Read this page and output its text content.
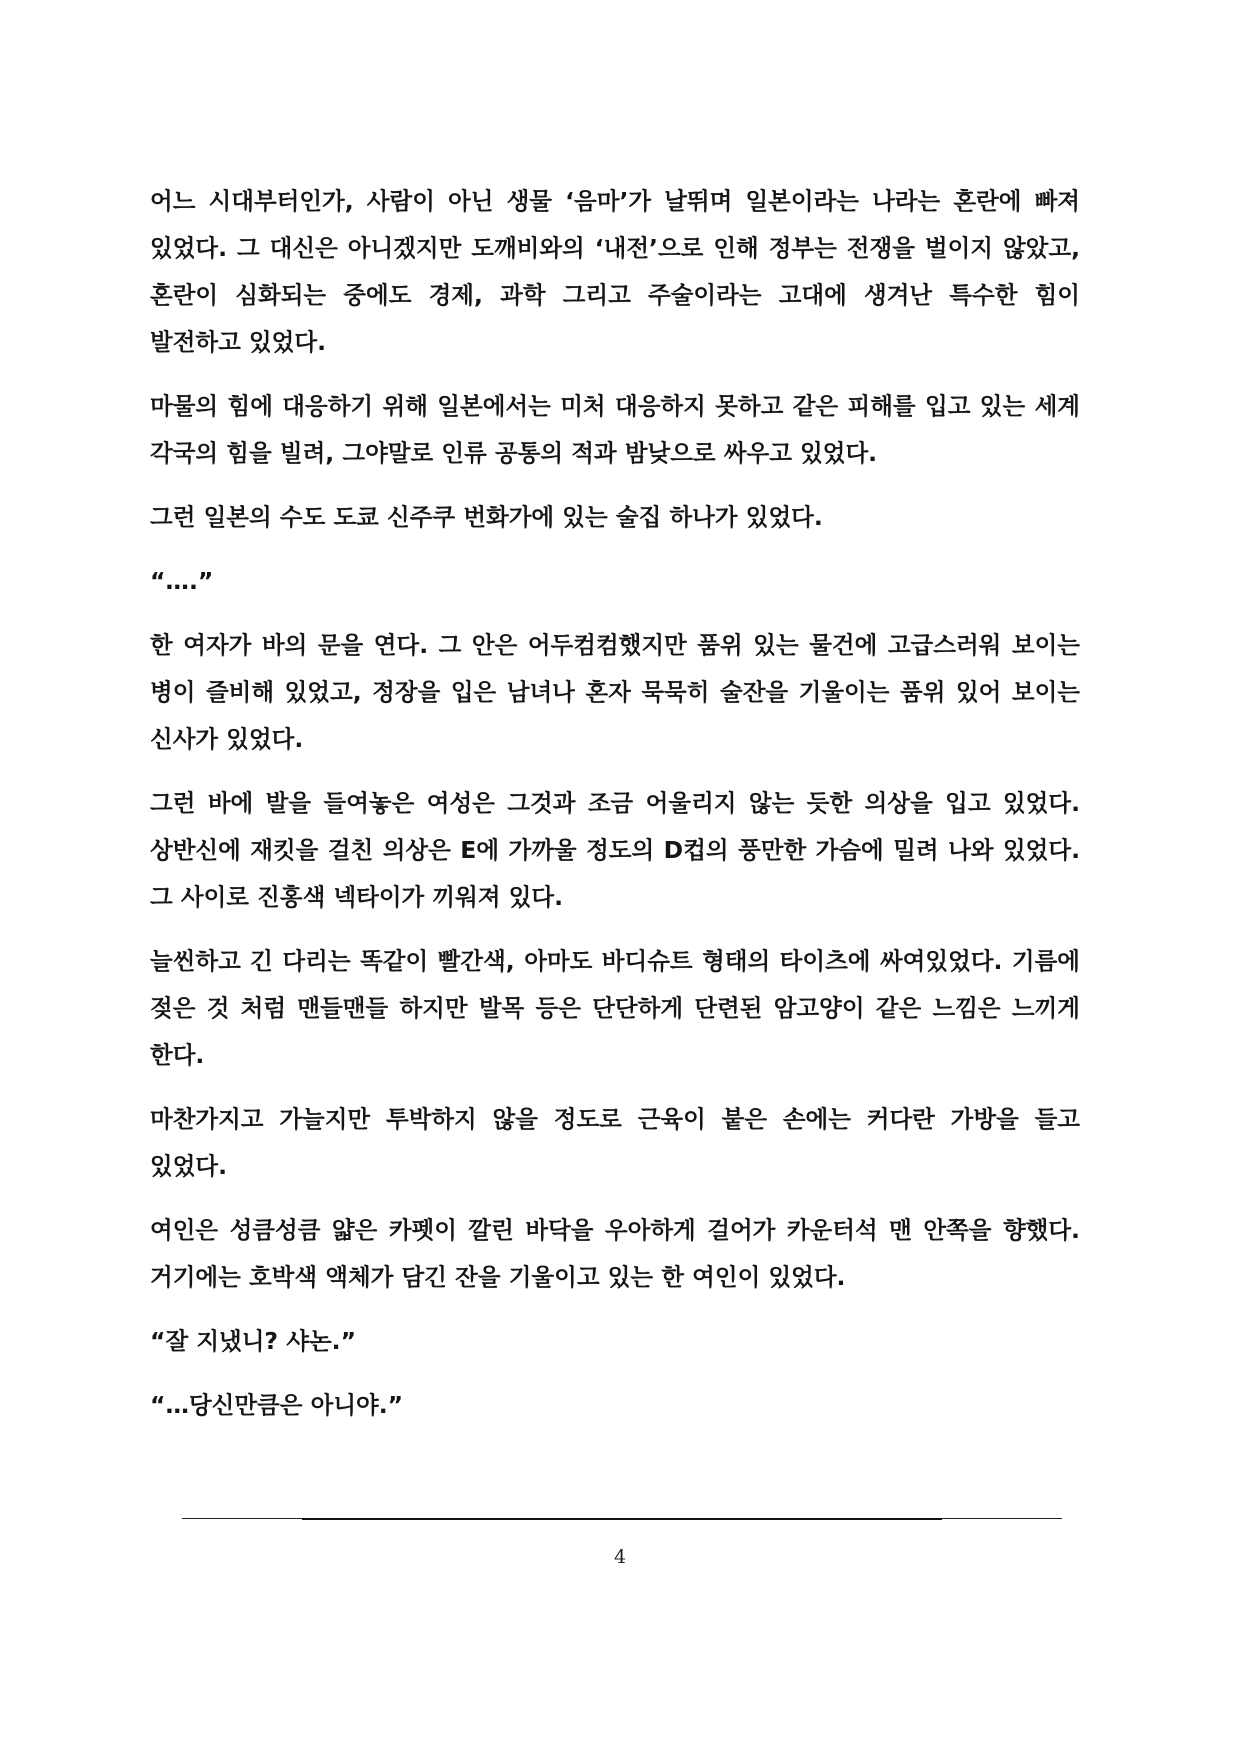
어느 시대부터인가, 사람이 아닌 생물 ‘음마’가 날뛰며 일본이라는 나라는 혼란에 빠져 있었다. 그 대신은 아니겠지만 도깨비와의 ‘내전’으로 인해 정부는 전쟁을 벌이지 않았고, 혼란이 심화되는 중에도 경제, 과학 그리고 주술이라는 고대에 생겨난 특수한 힘이 발전하고 있었다.

마물의 힘에 대응하기 위해 일본에서는 미처 대응하지 못하고 같은 피해를 입고 있는 세계 각국의 힘을 빌려, 그야말로 인류 공통의 적과 밤낮으로 싸우고 있었다.

그런 일본의 수도 도쿄 신주쿠 번화가에 있는 술집 하나가 있었다.

“….”

한 여자가 바의 문을 연다. 그 안은 어두컴컴했지만 품위 있는 물건에 고급스러워 보이는 병이 즐비해 있었고, 정장을 입은 남녀나 혼자 묵묵히 술잔을 기울이는 품위 있어 보이는 신사가 있었다.

그런 바에 발을 들여놓은 여성은 그것과 조금 어울리지 않는 듯한 의상을 입고 있었다. 상반신에 재킷을 걸친 의상은 E에 가까울 정도의 D컵의 풍만한 가슴에 밀려 나와 있었다. 그 사이로 진홍색 넥타이가 끼워져 있다.

늘씬하고 긴 다리는 똑같이 빨간색, 아마도 바디슈트 형태의 타이츠에 싸여있었다. 기름에 젖은 것 처럼 맨들맨들 하지만 발목 등은 단단하게 단련된 암고양이 같은 느낌은 느끼게 한다.

마찬가지고 가늘지만 투박하지 않을 정도로 근육이 붙은 손에는 커다란 가방을 들고 있었다.

여인은 성큼성큼 얇은 카펫이 깔린 바닥을 우아하게 걸어가 카운터석 맨 안쪽을 향했다. 거기에는 호박색 액체가 담긴 잔을 기울이고 있는 한 여인이 있었다.

“잘 지냈니? 샤논.”

“…당신만큼은 아니야.”

4
